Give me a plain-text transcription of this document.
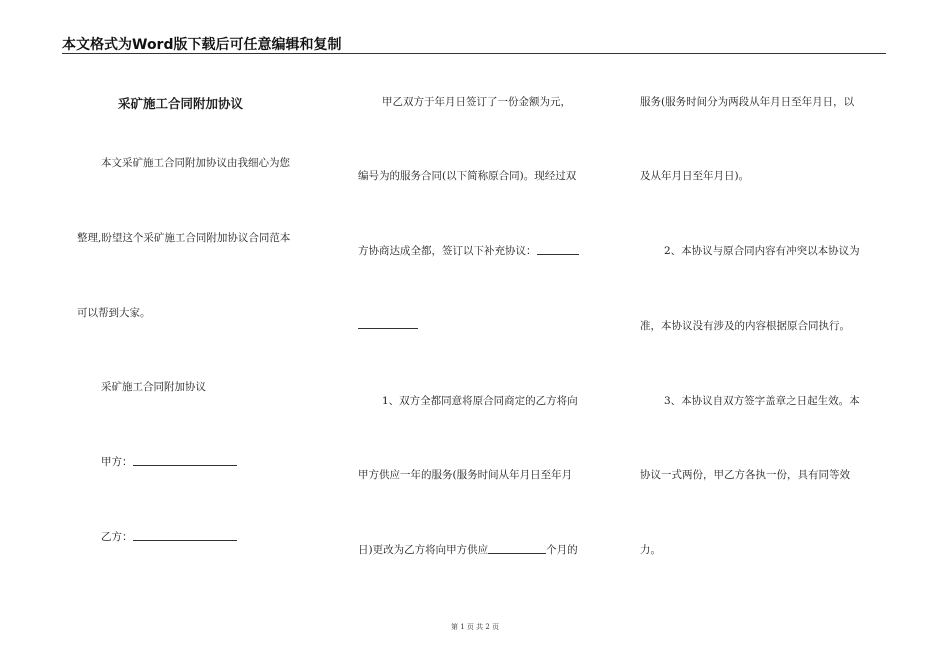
本文格式为Word版下载后可任意编辑和复制
采矿施工合同附加协议
本文采矿施工合同附加协议由我细心为您
整理,盼望这个采矿施工合同附加协议合同范本
可以帮到大家。
采矿施工合同附加协议
甲方：
乙方：
甲乙双方于年月日签订了一份金额为元，
编号为的服务合同(以下简称原合同)。现经过双
方协商达成全都，签订以下补充协议：
1、双方全都同意将原合同商定的乙方将向
甲方供应一年的服务(服务时间从年月日至年月
日)更改为乙方将向甲方供应	个月的
服务(服务时间分为两段从年月日至年月日，以
及从年月日至年月日)。
2、本协议与原合同内容有冲突以本协议为
准，本协议没有涉及的内容根据原合同执行。
3、本协议自双方签字盖章之日起生效。本
协议一式两份，甲乙方各执一份，具有同等效
力。
第 1 页 共 2 页
